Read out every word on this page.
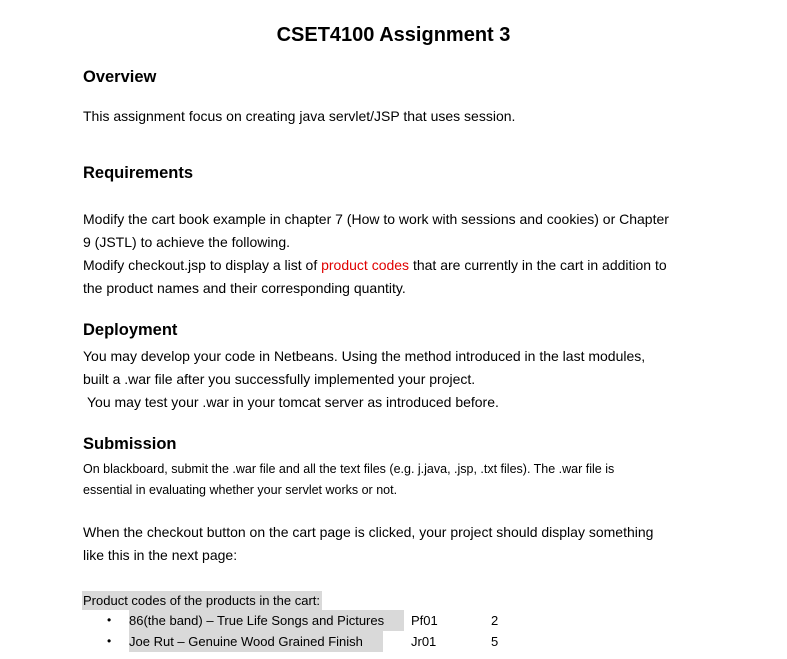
CSET4100 Assignment 3
Overview
This assignment focus on creating java servlet/JSP that uses session.
Requirements
Modify the cart book example in chapter 7 (How to work with sessions and cookies) or Chapter
9 (JSTL) to achieve the following.
Modify checkout.jsp to display a list of product codes that are currently in the cart in addition to
the product names and their corresponding quantity.
Deployment
You may develop your code in Netbeans. Using the method introduced in the last modules,
built a .war file after you successfully implemented your project.
You may test your .war in your tomcat server as introduced before.
Submission
On blackboard, submit the .war file and all the text files (e.g. j.java, .jsp, .txt files). The .war file is
essential in evaluating whether your servlet works or not.
When the checkout button on the cart page is clicked, your project should display something
like this in the next page:
Product codes of the products in the cart:
• 86(the band) – True Life Songs and Pictures	Pf01	2
• Joe Rut – Genuine Wood Grained Finish	Jr01	5
